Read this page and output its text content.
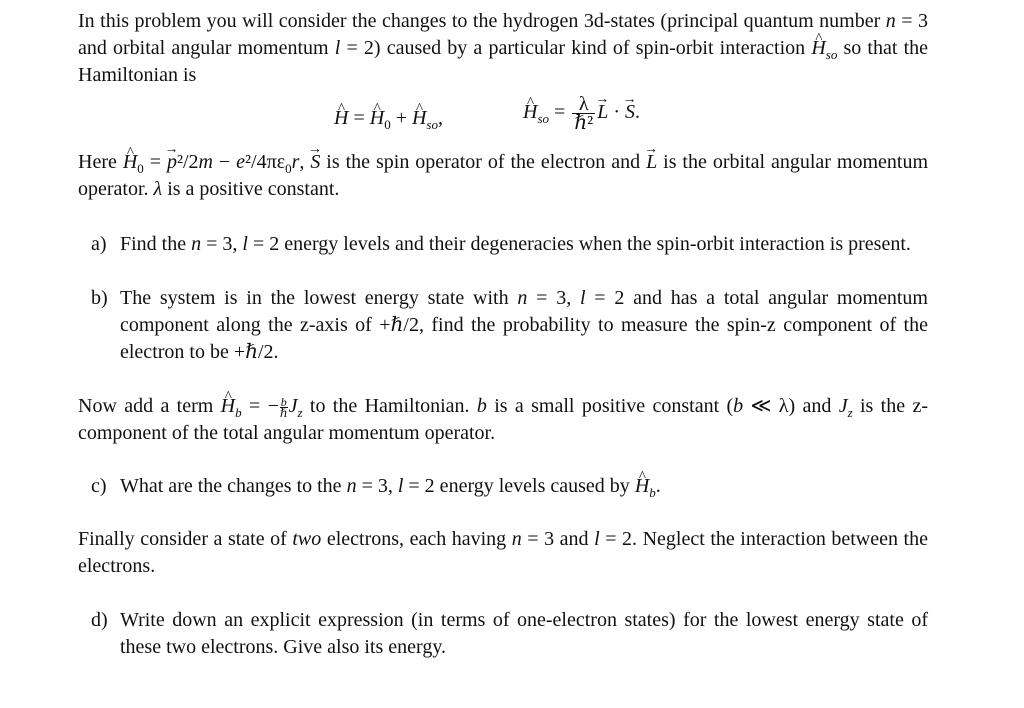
In this problem you will consider the changes to the hydrogen 3d-states (principal quantum number n = 3 and orbital angular momentum l = 2) caused by a particular kind of spin-orbit interaction ^ $H_{so}$ so that the Hamiltonian is

^ H = ^ $H_0$ + ^ $H_{so}$,
^	$H_{so} = \frac{\lambda}{\text{ℏ²}}$
→ L · → S.

Here ^ $H_0$ = → $p^2/2m - e^2/4\pi\varepsilon_0r$, → S is the spin operator of the electron and → L is the orbital angular momentum operator. λ is a positive constant.

a) Find the n = 3, l = 2 energy levels and their degeneracies when the spin-orbit interaction is present.

b) The system is in the lowest energy state with n = 3, l = 2 and has a total angular momentum component along the z-axis of +ℏ/2, find the probability to measure the spin-z component of the electron to be +ℏ/2.

Now add a term ^ $H_b$ = − $\frac{b}{\text{ℏ}}J_z$ to the Hamiltonian. b is a small positive constant (b ≪ λ) and $J_z$ is the z-component of the total angular momentum operator.

c) What are the changes to the n = 3, l = 2 energy levels caused by ^ $H_b$.

Finally consider a state of two electrons, each having n = 3 and l = 2. Neglect the interaction between the electrons.

d) Write down an explicit expression (in terms of one-electron states) for the lowest energy state of these two electrons. Give also its energy.
